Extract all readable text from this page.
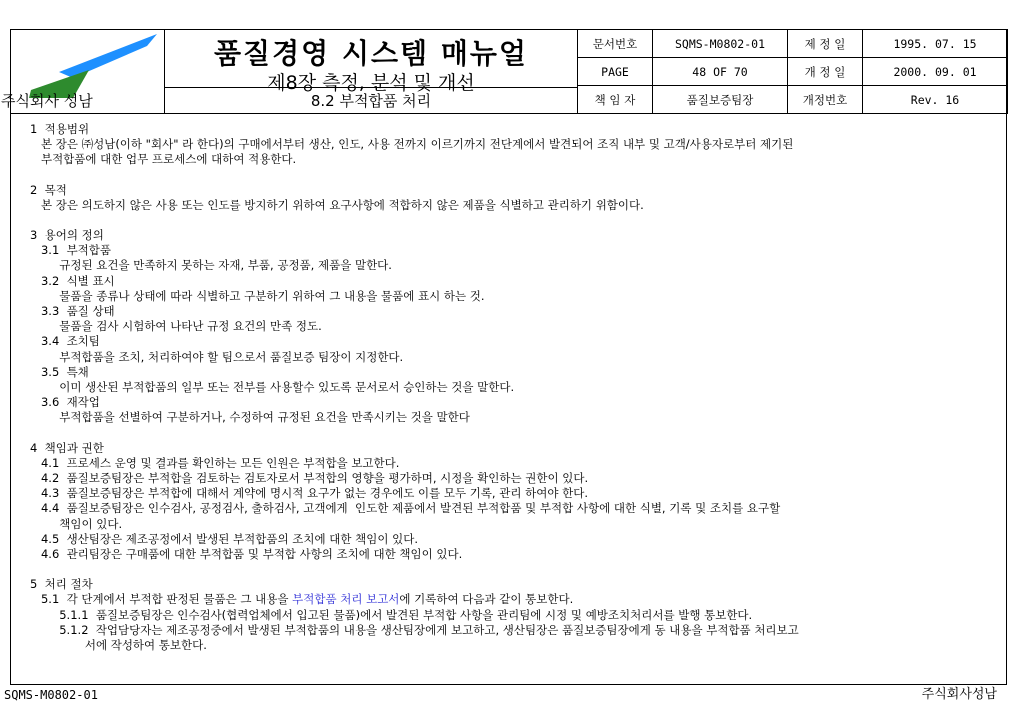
주식회사 성남	품질경영 시스템 매뉴얼
제8장 측정, 분석 및 개선
8.2 부적합품 처리	문서번호	SQMS-M0802-01	제 정 일	1995. 07. 15
		PAGE	48 OF 70	개 정 일	2000. 09. 01
		책 임 자	품질보증팀장	개정번호	Rev. 16

1  적용범위

본 장은 ㈜성남(이하 "회사" 라 한다)의 구매에서부터 생산, 인도, 사용 전까지 이르기까지 전단계에서 발견되어 조직 내부 및 고객/사용자로부터 제기된

부적합품에 대한 업무 프로세스에 대하여 적용한다.

2  목적

본 장은 의도하지 않은 사용 또는 인도를 방지하기 위하여 요구사항에 적합하지 않은 제품을 식별하고 관리하기 위함이다.

3  용어의 정의

3.1  부적합품

규정된 요건을 만족하지 못하는 자재, 부품, 공정품, 제품을 말한다.

3.2  식별 표시

물품을 종류나 상태에 따라 식별하고 구분하기 위하여 그 내용을 물품에 표시 하는 것.

3.3  품질 상태

물품을 검사 시험하여 나타난 규정 요건의 만족 정도.

3.4  조치팀

부적합품을 조치, 처리하여야 할 팀으로서 품질보증 팀장이 지정한다.

3.5  특채

이미 생산된 부적합품의 일부 또는 전부를 사용할수 있도록 문서로서 승인하는 것을 말한다.

3.6  재작업

부적합품을 선별하여 구분하거나, 수정하여 규정된 요건을 만족시키는 것을 말한다

4  책임과 권한

4.1  프로세스 운영 및 결과를 확인하는 모든 인원은 부적합을 보고한다.

4.2  품질보증팀장은 부적합을 검토하는 검토자로서 부적합의 영향을 평가하며, 시정을 확인하는 권한이 있다.

4.3  품질보증팀장은 부적합에 대해서 계약에 명시적 요구가 없는 경우에도 이를 모두 기록, 관리 하여야 한다.

4.4  품질보증팀장은 인수검사, 공정검사, 출하검사, 고객에게  인도한 제품에서 발견된 부적합품 및 부적합 사항에 대한 식별, 기록 및 조치를 요구할

책임이 있다.

4.5  생산팀장은 제조공정에서 발생된 부적합품의 조치에 대한 책임이 있다.

4.6  관리팀장은 구매품에 대한 부적합품 및 부적합 사항의 조치에 대한 책임이 있다.

5  처리 절차

5.1  각 단계에서 부적합 판정된 물품은 그 내용을 부적합품 처리 보고서에 기록하여 다음과 같이 통보한다.

5.1.1  품질보증팀장은 인수검사(협력업체에서 입고된 물품)에서 발견된 부적합 사항을 관리팀에 시정 및 예방조치처리서를 발행 통보한다.

5.1.2  작업담당자는 제조공정중에서 발생된 부적합품의 내용을 생산팀장에게 보고하고, 생산팀장은 품질보증팀장에게 동 내용을 부적합품 처리보고

서에 작성하여 통보한다.

SQMS-M0802-01	주식회사성남
